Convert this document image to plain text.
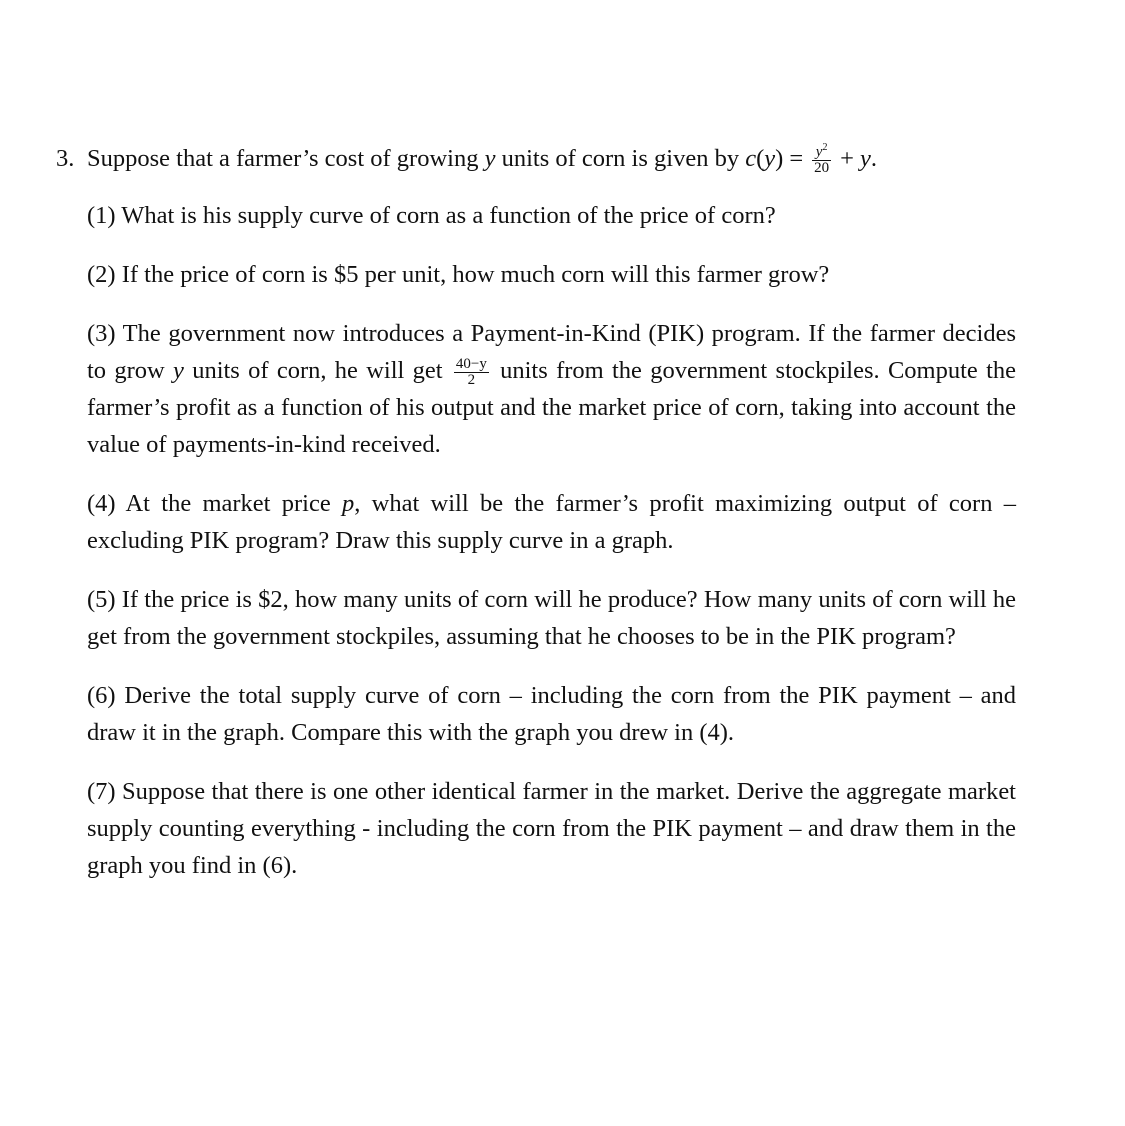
3. Suppose that a farmer’s cost of growing y units of corn is given by $c(y) = \frac{y^2}{20} + y$.

(1) What is his supply curve of corn as a function of the price of corn?

(2) If the price of corn is $5 per unit, how much corn will this farmer grow?

(3) The government now introduces a Payment-in-Kind (PIK) program. If the farmer decides to grow y units of corn, he will get $\frac{40-y}{2}$ units from the government stockpiles. Compute the farmer’s profit as a function of his output and the market price of corn, taking into account the value of payments-in-kind received.

(4) At the market price p, what will be the farmer’s profit maximizing output of corn – excluding PIK program? Draw this supply curve in a graph.

(5) If the price is $2, how many units of corn will he produce? How many units of corn will he get from the government stockpiles, assuming that he chooses to be in the PIK program?

(6) Derive the total supply curve of corn – including the corn from the PIK payment – and draw it in the graph. Compare this with the graph you drew in (4).

(7) Suppose that there is one other identical farmer in the market. Derive the aggregate market supply counting everything - including the corn from the PIK payment – and draw them in the graph you find in (6).
